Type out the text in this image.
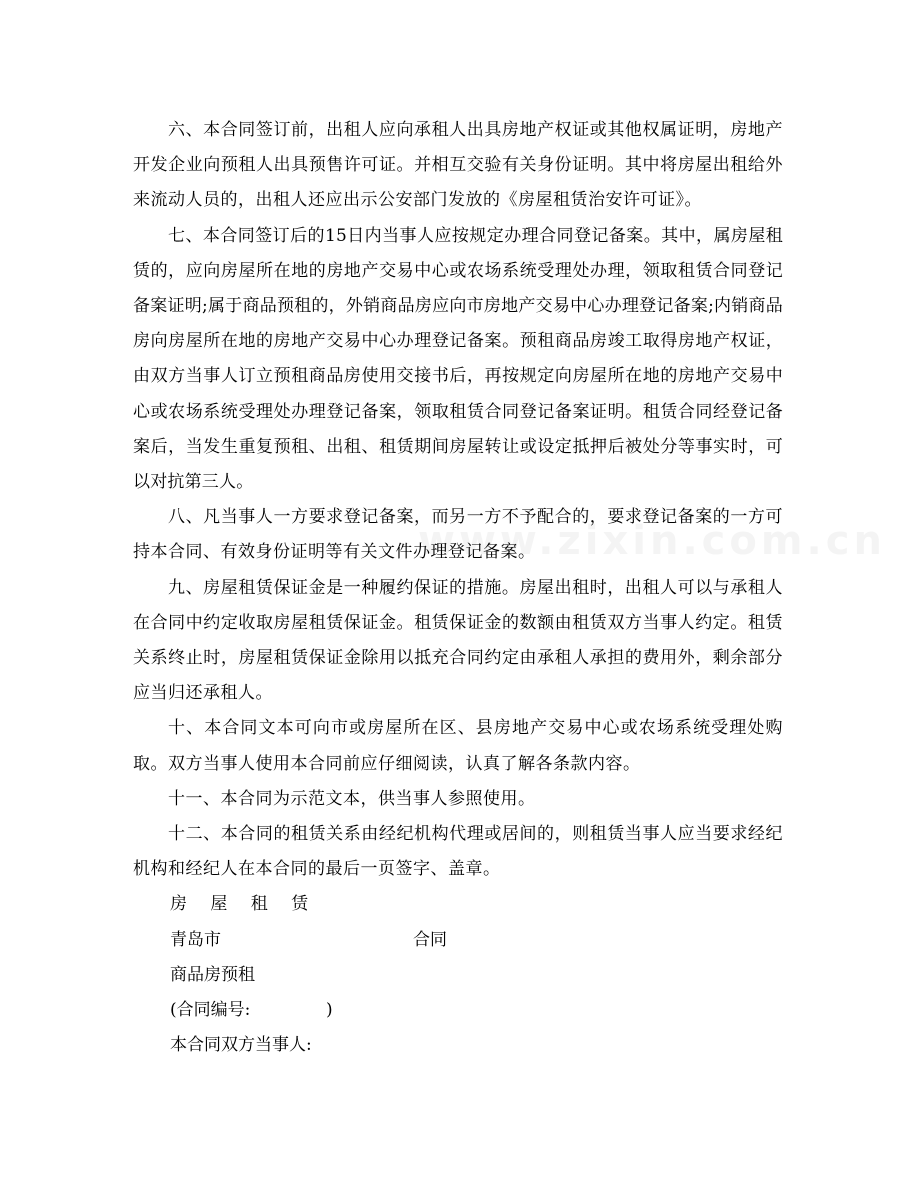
www.zixin.com.cn

六、本合同签订前，出租人应向承租人出具房地产权证或其他权属证明，房地产开发企业向预租人出具预售许可证。并相互交验有关身份证明。其中将房屋出租给外来流动人员的，出租人还应出示公安部门发放的《房屋租赁治安许可证》。

七、本合同签订后的15日内当事人应按规定办理合同登记备案。其中，属房屋租赁的，应向房屋所在地的房地产交易中心或农场系统受理处办理，领取租赁合同登记备案证明;属于商品预租的，外销商品房应向市房地产交易中心办理登记备案;内销商品房向房屋所在地的房地产交易中心办理登记备案。预租商品房竣工取得房地产权证，由双方当事人订立预租商品房使用交接书后，再按规定向房屋所在地的房地产交易中心或农场系统受理处办理登记备案，领取租赁合同登记备案证明。租赁合同经登记备案后，当发生重复预租、出租、租赁期间房屋转让或设定抵押后被处分等事实时，可以对抗第三人。

八、凡当事人一方要求登记备案，而另一方不予配合的，要求登记备案的一方可持本合同、有效身份证明等有关文件办理登记备案。

九、房屋租赁保证金是一种履约保证的措施。房屋出租时，出租人可以与承租人在合同中约定收取房屋租赁保证金。租赁保证金的数额由租赁双方当事人约定。租赁关系终止时，房屋租赁保证金除用以抵充合同约定由承租人承担的费用外，剩余部分应当归还承租人。

十、本合同文本可向市或房屋所在区、县房地产交易中心或农场系统受理处购取。双方当事人使用本合同前应仔细阅读，认真了解各条款内容。

十一、本合同为示范文本，供当事人参照使用。

十二、本合同的租赁关系由经纪机构代理或居间的，则租赁当事人应当要求经纪机构和经纪人在本合同的最后一页签字、盖章。

房 屋 租 赁

青岛市	合同

商品房预租

(合同编号:              )

本合同双方当事人:
